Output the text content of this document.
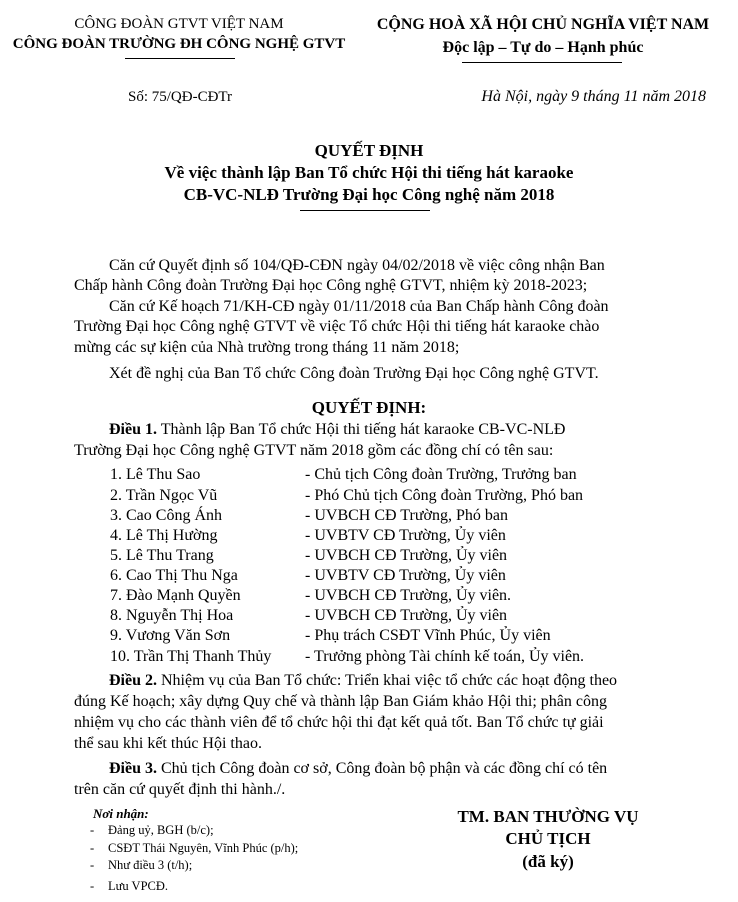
CÔNG ĐOÀN GTVT VIỆT NAM
CÔNG ĐOÀN TRƯỜNG ĐH CÔNG NGHỆ GTVT
CỘNG HOÀ XÃ HỘI CHỦ NGHĨA VIỆT NAM
Độc lập – Tự do – Hạnh phúc
Số: 75/QĐ-CĐTr	Hà Nội, ngày 9 tháng 11 năm 2018
QUYẾT ĐỊNH
Về việc thành lập Ban Tổ chức Hội thi tiếng hát karaoke
CB-VC-NLĐ Trường Đại học Công nghệ năm 2018
Căn cứ Quyết định số 104/QĐ-CĐN ngày 04/02/2018 về việc công nhận Ban
Chấp hành Công đoàn Trường Đại học Công nghệ GTVT, nhiệm kỳ 2018-2023;
Căn cứ Kế hoạch 71/KH-CĐ ngày 01/11/2018 của Ban Chấp hành Công đoàn
Trường Đại học Công nghệ GTVT về việc Tổ chức Hội thi tiếng hát karaoke chào
mừng các sự kiện của Nhà trường trong tháng 11 năm 2018;
Xét đề nghị của Ban Tổ chức Công đoàn Trường Đại học Công nghệ GTVT.
QUYẾT ĐỊNH:
Điều 1. Thành lập Ban Tổ chức Hội thi tiếng hát karaoke CB-VC-NLĐ
Trường Đại học Công nghệ GTVT năm 2018 gồm các đồng chí có tên sau:
1. Lê Thu Sao	- Chủ tịch Công đoàn Trường, Trưởng ban
2. Trần Ngọc Vũ	- Phó Chủ tịch Công đoàn Trường, Phó ban
3. Cao Công Ánh	- UVBCH CĐ Trường, Phó ban
4. Lê Thị Hường	- UVBTV CĐ Trường, Ủy viên
5. Lê Thu Trang	- UVBCH CĐ Trường, Ủy viên
6. Cao Thị Thu Nga	- UVBTV CĐ Trường, Ủy viên
7. Đào Mạnh Quyền	- UVBCH CĐ Trường, Ủy viên.
8. Nguyễn Thị Hoa	- UVBCH CĐ Trường, Ủy viên
9. Vương Văn Sơn	- Phụ trách CSĐT Vĩnh Phúc, Ủy viên
10. Trần Thị Thanh Thủy - Trưởng phòng Tài chính kế toán, Ủy viên.
Điều 2. Nhiệm vụ của Ban Tổ chức: Triển khai việc tổ chức các hoạt động theo
đúng Kế hoạch; xây dựng Quy chế và thành lập Ban Giám khảo Hội thi; phân công
nhiệm vụ cho các thành viên để tổ chức hội thi đạt kết quả tốt. Ban Tổ chức tự giải
thể sau khi kết thúc Hội thao.
Điều 3. Chủ tịch Công đoàn cơ sở, Công đoàn bộ phận và các đồng chí có tên
trên căn cứ quyết định thi hành./.
Nơi nhận:
- Đảng uỷ, BGH (b/c);
- CSĐT Thái Nguyên, Vĩnh Phúc (p/h);
- Như điều 3 (t/h);
- Lưu VPCĐ.
TM. BAN THƯỜNG VỤ
CHỦ TỊCH
(đã ký)
